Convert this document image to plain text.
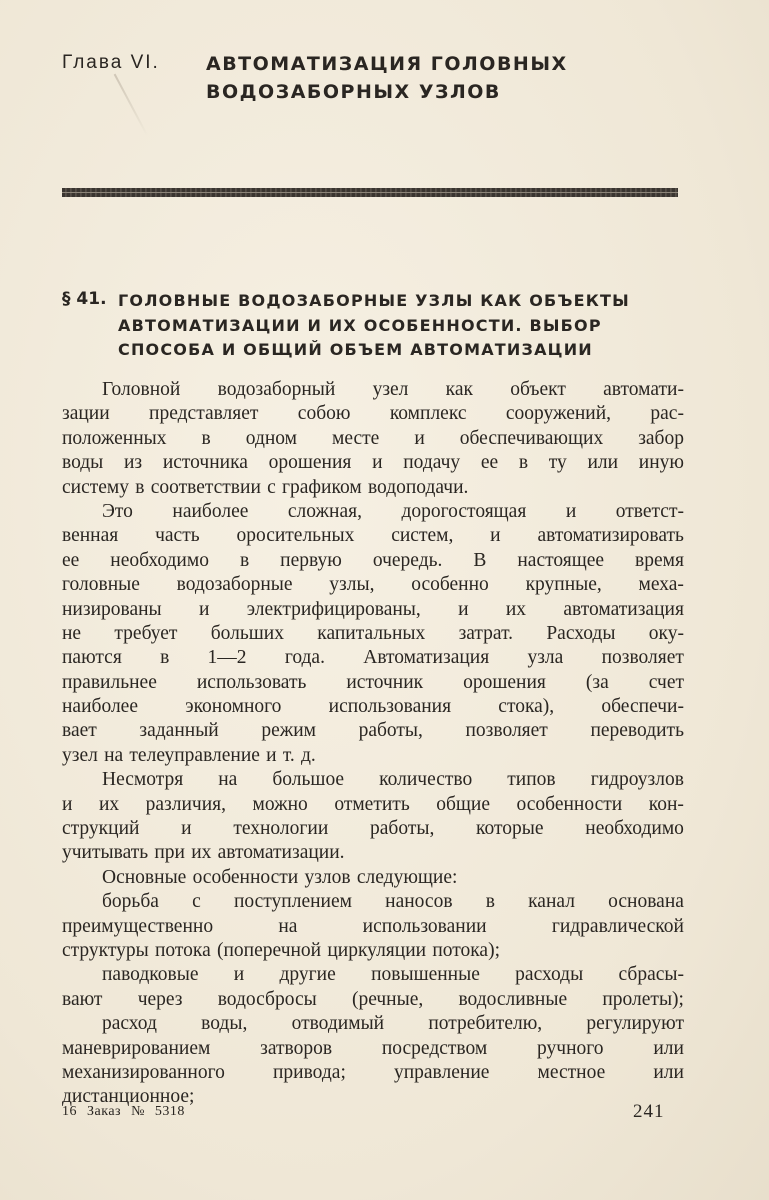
Глава VI. АВТОМАТИЗАЦИЯ ГОЛОВНЫХ
ВОДОЗАБОРНЫХ УЗЛОВ
§ 41. ГОЛОВНЫЕ ВОДОЗАБОРНЫЕ УЗЛЫ КАК ОБЪЕКТЫ
АВТОМАТИЗАЦИИ И ИХ ОСОБЕННОСТИ. ВЫБОР
СПОСОБА И ОБЩИЙ ОБЪЕМ АВТОМАТИЗАЦИИ
Головной водозаборный узел как объект автомати-
зации представляет собою комплекс сооружений, рас-
положенных в одном месте и обеспечивающих забор
воды из источника орошения и подачу ее в ту или иную
систему в соответствии с графиком водоподачи.
Это наиболее сложная, дорогостоящая и ответст-
венная часть оросительных систем, и автоматизировать
ее необходимо в первую очередь. В настоящее время
головные водозаборные узлы, особенно крупные, меха-
низированы и электрифицированы, и их автоматизация
не требует больших капитальных затрат. Расходы оку-
паются в 1—2 года. Автоматизация узла позволяет
правильнее использовать источник орошения (за счет
наиболее экономного использования стока), обеспечи-
вает заданный режим работы, позволяет переводить
узел на телеуправление и т. д.
Несмотря на большое количество типов гидроузлов
и их различия, можно отметить общие особенности кон-
струкций и технологии работы, которые необходимо
учитывать при их автоматизации.
Основные особенности узлов следующие:
борьба с поступлением наносов в канал основана
преимущественно	на	использовании	гидравлической
структуры потока (поперечной циркуляции потока);
паводковые и другие повышенные расходы сбрасы-
вают через водосбросы (речные, водосливные пролеты);
расход воды, отводимый потребителю, регулируют
маневрированием	затворов	посредством	ручного	или
механизированного привода; управление местное или
дистанционное;
16 Заказ № 5318	241
